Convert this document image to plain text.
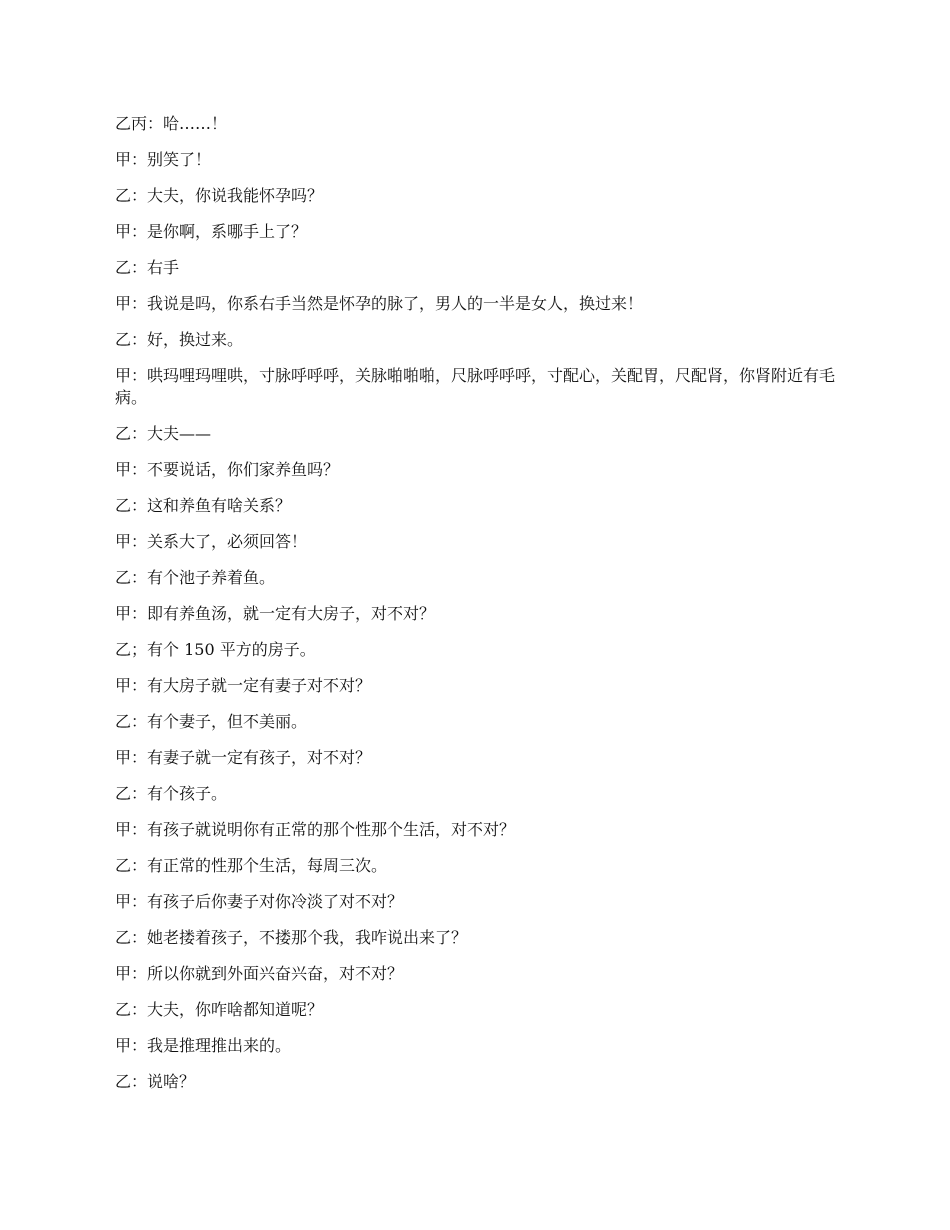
乙丙：哈……！

甲：别笑了！

乙：大夫，你说我能怀孕吗？

甲：是你啊，系哪手上了？

乙：右手

甲：我说是吗，你系右手当然是怀孕的脉了，男人的一半是女人，换过来！

乙：好，换过来。

甲：哄玛哩玛哩哄，寸脉呼呼呼，关脉啪啪啪，尺脉呼呼呼，寸配心，关配胃，尺配肾，你肾附近有毛病。

乙：大夫——

甲：不要说话，你们家养鱼吗？

乙：这和养鱼有啥关系？

甲：关系大了，必须回答！

乙：有个池子养着鱼。

甲：即有养鱼汤，就一定有大房子，对不对？

乙；有个 150 平方的房子。

甲：有大房子就一定有妻子对不对？

乙：有个妻子，但不美丽。

甲：有妻子就一定有孩子，对不对？

乙：有个孩子。

甲：有孩子就说明你有正常的那个性那个生活，对不对？

乙：有正常的性那个生活，每周三次。

甲：有孩子后你妻子对你冷淡了对不对？

乙：她老搂着孩子，不搂那个我，我咋说出来了？

甲：所以你就到外面兴奋兴奋，对不对？

乙：大夫，你咋啥都知道呢？

甲：我是推理推出来的。

乙：说啥？
